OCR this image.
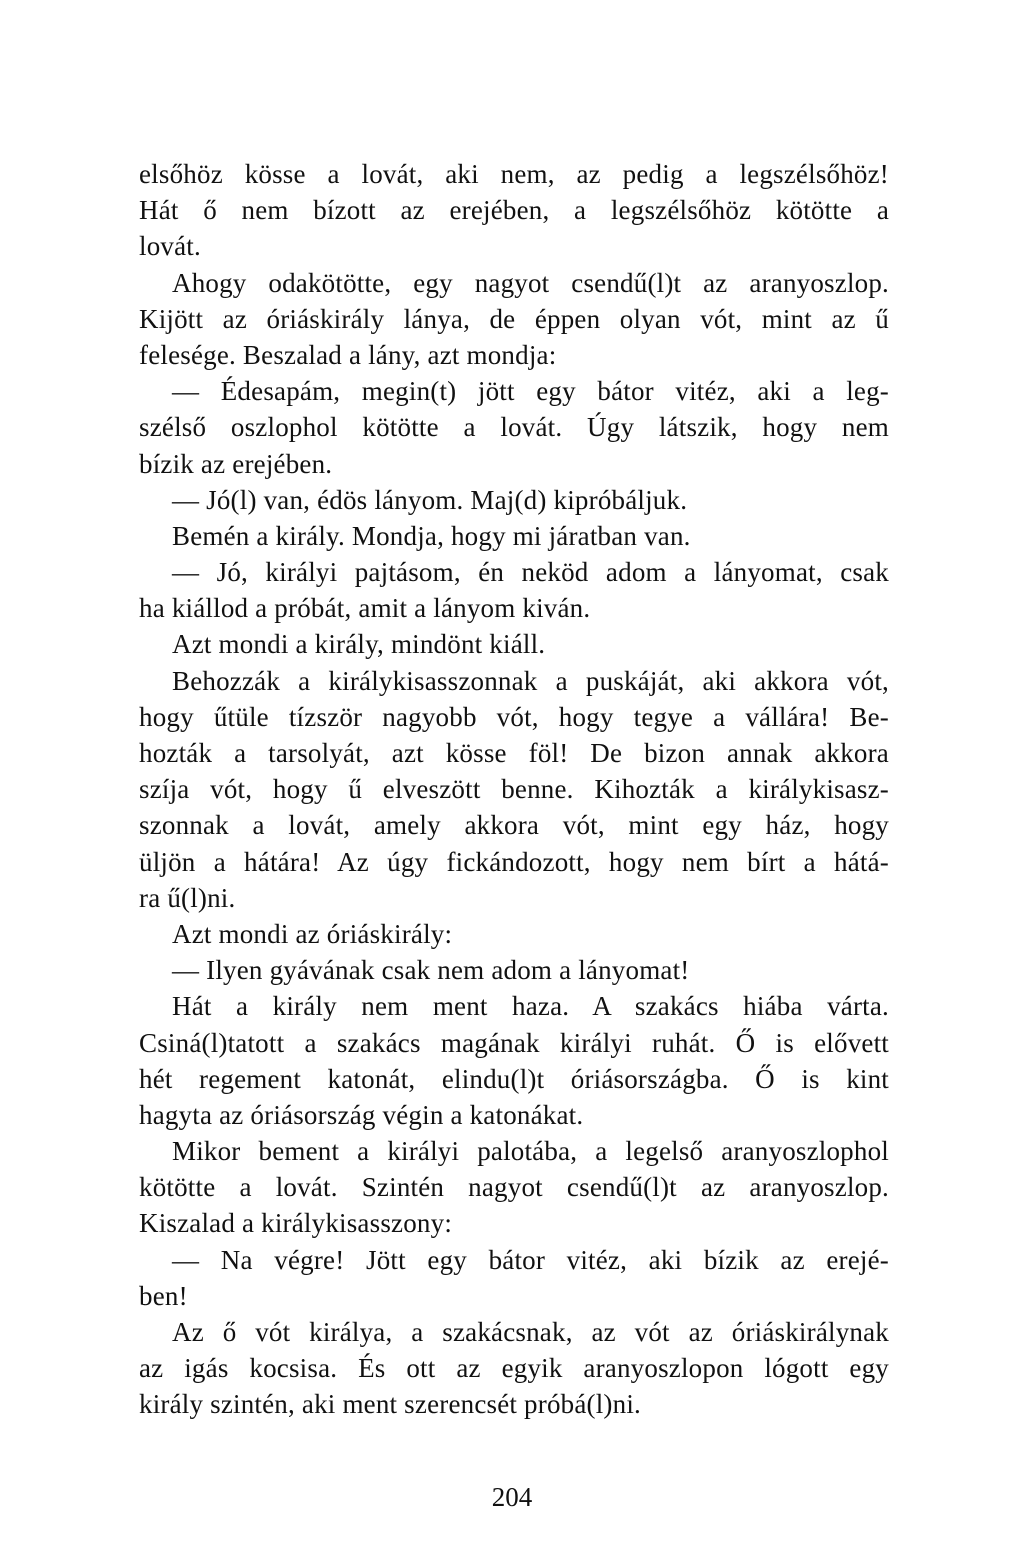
elsőhöz kösse a lovát, aki nem, az pedig a legszélsőhöz!
Hát ő nem bízott az erejében, a legszélsőhöz kötötte a
lovát.
Ahogy odakötötte, egy nagyot csendű(l)t az aranyoszlop.
Kijött az óriáskirály lánya, de éppen olyan vót, mint az ű
felesége. Beszalad a lány, azt mondja:
— Édesapám, megin(t) jött egy bátor vitéz, aki a leg-
szélső oszlophol kötötte a lovát. Úgy látszik, hogy nem
bízik az erejében.
— Jó(l) van, édös lányom. Maj(d) kipróbáljuk.
Bemén a király. Mondja, hogy mi járatban van.
— Jó, királyi pajtásom, én neköd adom a lányomat, csak
ha kiállod a próbát, amit a lányom kiván.
Azt mondi a király, mindönt kiáll.
Behozzák a királykisasszonnak a puskáját, aki akkora vót,
hogy űtüle tízször nagyobb vót, hogy tegye a vállára! Be-
hozták a tarsolyát, azt kösse föl! De bizon annak akkora
szíja vót, hogy ű elveszött benne. Kihozták a királykisasz-
szonnak a lovát, amely akkora vót, mint egy ház, hogy
üljön a hátára! Az úgy fickándozott, hogy nem bírt a hátá-
ra ű(l)ni.
Azt mondi az óriáskirály:
— Ilyen gyávának csak nem adom a lányomat!
Hát a király nem ment haza. A szakács hiába várta.
Csiná(l)tatott a szakács magának királyi ruhát. Ő is elővett
hét regement katonát, elindu(l)t óriásországba. Ő is kint
hagyta az óriásország végin a katonákat.
Mikor bement a királyi palotába, a legelső aranyoszlophol
kötötte a lovát. Szintén nagyot csendű(l)t az aranyoszlop.
Kiszalad a királykisasszony:
— Na végre! Jött egy bátor vitéz, aki bízik az erejé-
ben!
Az ő vót királya, a szakácsnak, az vót az óriáskirálynak
az igás kocsisa. És ott az egyik aranyoszlopon lógott egy
király szintén, aki ment szerencsét próbá(l)ni.
204
